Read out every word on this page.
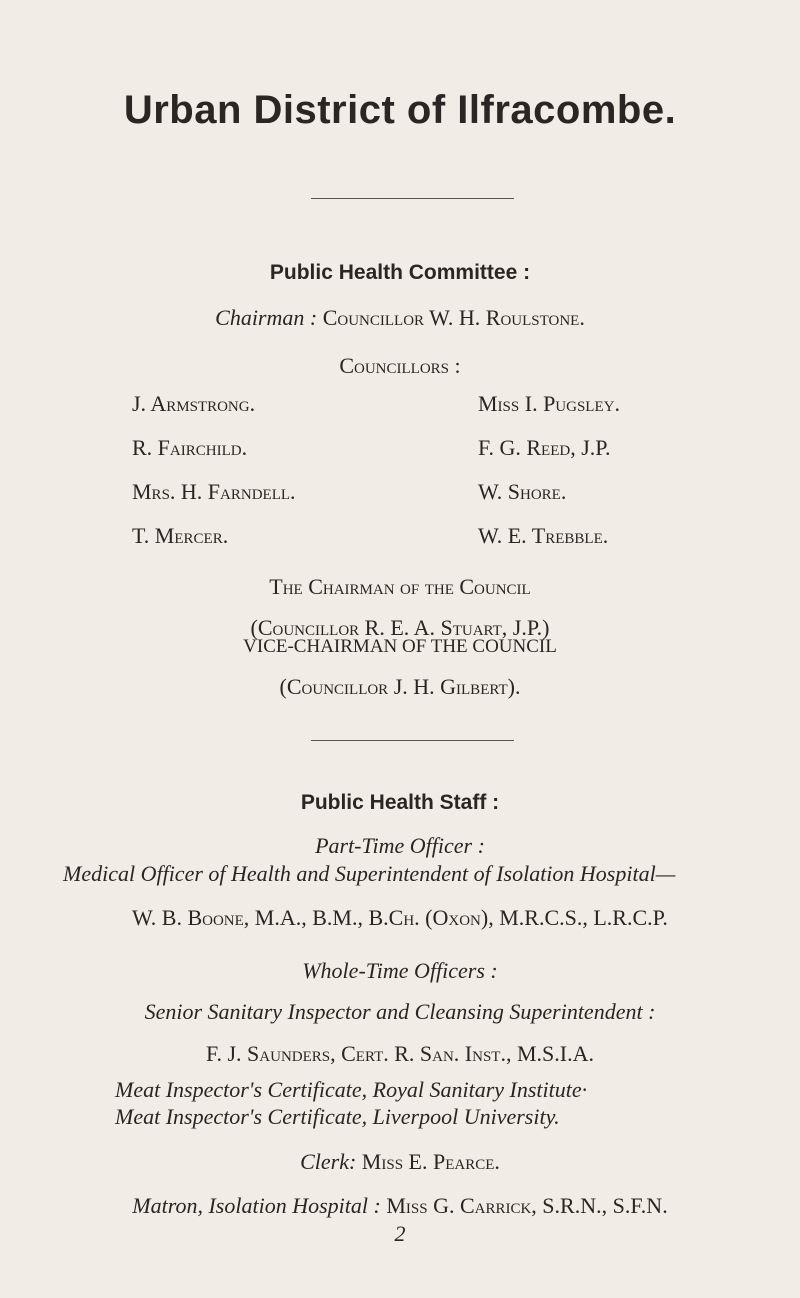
Urban District of Ilfracombe.
Public Health Committee :
Chairman : Councillor W. H. Roulstone.
Councillors :
J. Armstrong.
R. Fairchild.
Mrs. H. Farndell.
T. Mercer.
Miss I. Pugsley.
F. G. Reed, J.P.
W. Shore.
W. E. Trebble.
The Chairman of the Council
(Councillor R. E. A. Stuart, J.P.)
VICE-CHAIRMAN OF THE COUNCIL
(Councillor J. H. Gilbert).
Public Health Staff :
Part-Time Officer :
Medical Officer of Health and Superintendent of Isolation Hospital—
W. B. Boone, M.A., B.M., B.Ch. (Oxon), M.R.C.S., L.R.C.P.
Whole-Time Officers :
Senior Sanitary Inspector and Cleansing Superintendent :
F. J. Saunders, Cert. R. San. Inst., M.S.I.A.
Meat Inspector's Certificate, Royal Sanitary Institute·
Meat Inspector's Certificate, Liverpool University.
Clerk: Miss E. Pearce.
Matron, Isolation Hospital : Miss G. Carrick, S.R.N., S.F.N.
2
